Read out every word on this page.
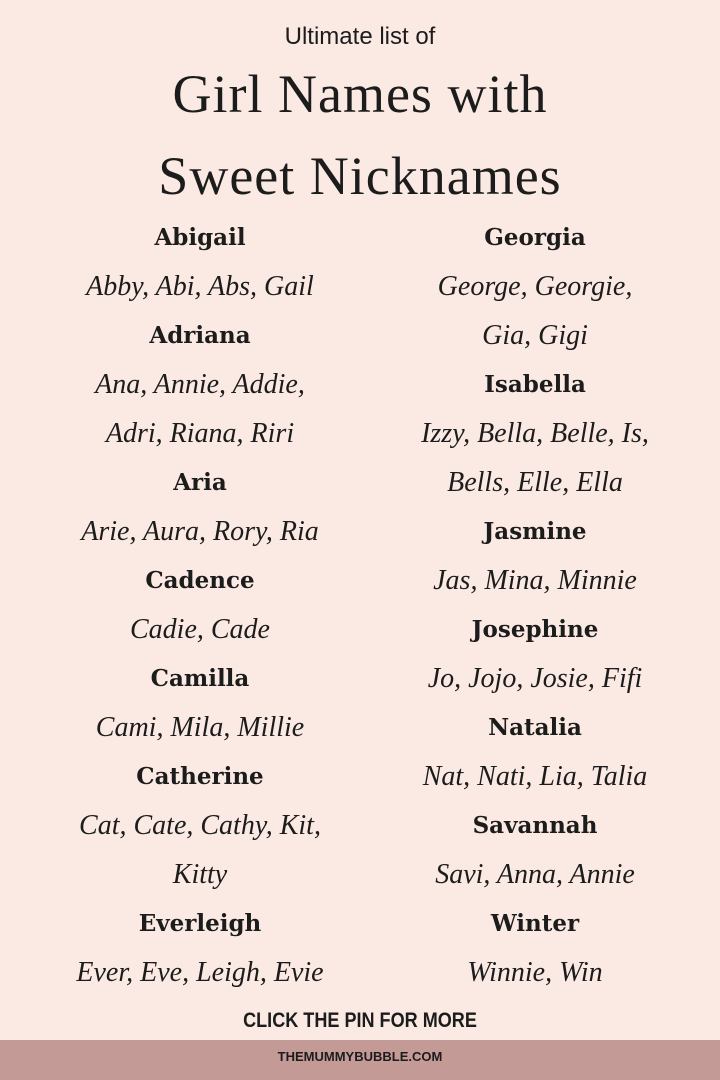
Ultimate list of
Girl Names with
Sweet Nicknames
Abigail
Abby, Abi, Abs, Gail
Adriana
Ana, Annie, Addie,
Adri, Riana, Riri
Aria
Arie, Aura, Rory, Ria
Cadence
Cadie, Cade
Camilla
Cami, Mila, Millie
Catherine
Cat, Cate, Cathy, Kit,
Kitty
Everleigh
Ever, Eve, Leigh, Evie
Georgia
George, Georgie,
Gia, Gigi
Isabella
Izzy, Bella, Belle, Is,
Bells, Elle, Ella
Jasmine
Jas, Mina, Minnie
Josephine
Jo, Jojo, Josie, Fifi
Natalia
Nat, Nati, Lia, Talia
Savannah
Savi, Anna, Annie
Winter
Winnie, Win
CLICK THE PIN FOR MORE
THEMUMMYBUBBLE.COM
